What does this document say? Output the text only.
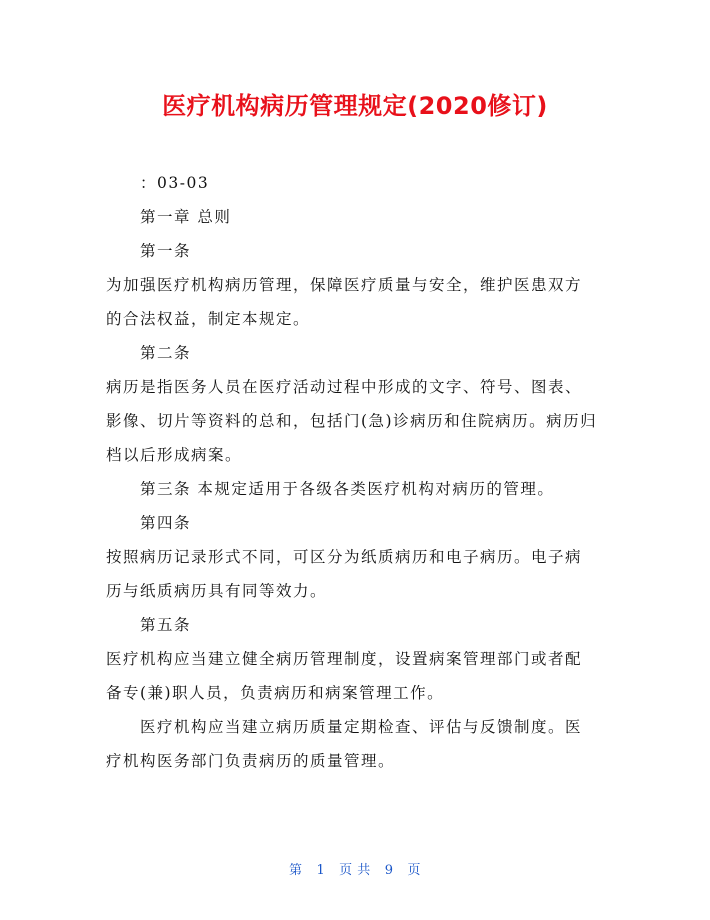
医疗机构病历管理规定(2020修订)

：03-03

第一章 总则

第一条

为加强医疗机构病历管理，保障医疗质量与安全，维护医患双方的合法权益，制定本规定。

第二条

病历是指医务人员在医疗活动过程中形成的文字、符号、图表、影像、切片等资料的总和，包括门(急)诊病历和住院病历。病历归档以后形成病案。

第三条 本规定适用于各级各类医疗机构对病历的管理。

第四条

按照病历记录形式不同，可区分为纸质病历和电子病历。电子病历与纸质病历具有同等效力。

第五条

医疗机构应当建立健全病历管理制度，设置病案管理部门或者配备专(兼)职人员，负责病历和病案管理工作。

医疗机构应当建立病历质量定期检查、评估与反馈制度。医疗机构医务部门负责病历的质量管理。

第 1 页 共 9 页
